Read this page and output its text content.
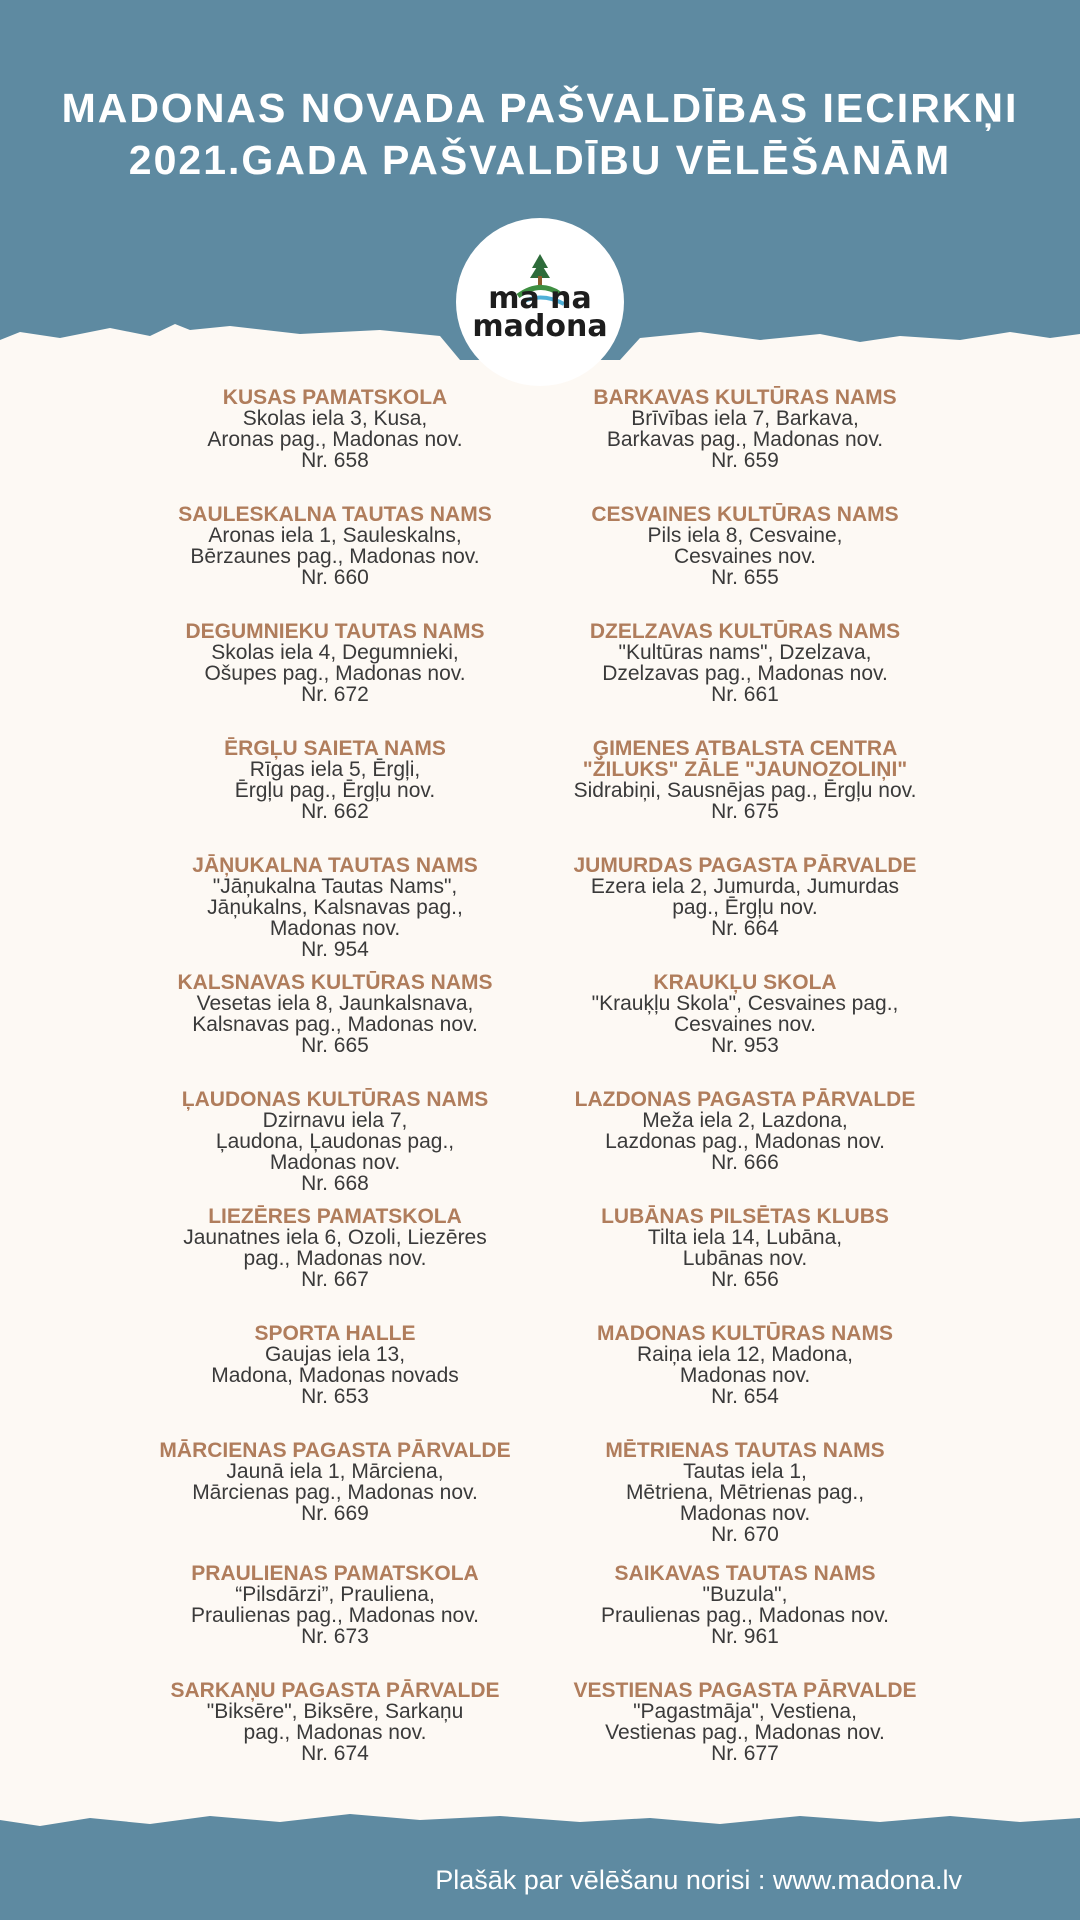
MADONAS NOVADA PAŠVALDĪBAS IECIRKŅI
2021.GADA PAŠVALDĪBU VĒLĒŠANĀM
ma na
madona
KUSAS PAMATSKOLA
Skolas iela 3, Kusa,
Aronas pag., Madonas nov.
Nr. 658
BARKAVAS KULTŪRAS NAMS
Brīvības iela 7, Barkava,
Barkavas pag., Madonas nov.
Nr. 659
SAULESKALNA TAUTAS NAMS
Aronas iela 1, Sauleskalns,
Bērzaunes pag., Madonas nov.
Nr. 660
CESVAINES KULTŪRAS NAMS
Pils iela 8, Cesvaine,
Cesvaines nov.
Nr. 655
DEGUMNIEKU TAUTAS NAMS
Skolas iela 4, Degumnieki,
Ošupes pag., Madonas nov.
Nr. 672
DZELZAVAS KULTŪRAS NAMS
"Kultūras nams", Dzelzava,
Dzelzavas pag., Madonas nov.
Nr. 661
ĒRGĻU SAIETA NAMS
Rīgas iela 5, Ērgļi,
Ērgļu pag., Ērgļu nov.
Nr. 662
ĢIMENES ATBALSTA CENTRA "ŽILUKS" ZĀLE "JAUNOZOLIŅI"
Sidrabiņi, Sausnējas pag., Ērgļu nov.
Nr. 675
JĀŅUKALNA TAUTAS NAMS
"Jāņukalna Tautas Nams",
Jāņukalns, Kalsnavas pag.,
Madonas nov.
Nr. 954
JUMURDAS PAGASTA PĀRVALDE
Ezera iela 2, Jumurda, Jumurdas
pag., Ērgļu nov.
Nr. 664
KALSNAVAS KULTŪRAS NAMS
Vesetas iela 8, Jaunkalsnava,
Kalsnavas pag., Madonas nov.
Nr. 665
KRAUKĻU SKOLA
"Krauķļu Skola", Cesvaines pag.,
Cesvaines nov.
Nr. 953
ĻAUDONAS KULTŪRAS NAMS
Dzirnavu iela 7,
Ļaudona, Ļaudonas pag.,
Madonas nov.
Nr. 668
LAZDONAS PAGASTA PĀRVALDE
Meža iela 2, Lazdona,
Lazdonas pag., Madonas nov.
Nr. 666
LIEZĒRES PAMATSKOLA
Jaunatnes iela 6, Ozoli, Liezēres
pag., Madonas nov.
Nr. 667
LUBĀNAS PILSĒTAS KLUBS
Tilta iela 14, Lubāna,
Lubānas nov.
Nr. 656
SPORTA HALLE
Gaujas iela 13,
Madona, Madonas novads
Nr. 653
MADONAS KULTŪRAS NAMS
Raiņa iela 12, Madona,
Madonas nov.
Nr. 654
MĀRCIENAS PAGASTA PĀRVALDE
Jaunā iela 1, Mārciena,
Mārcienas pag., Madonas nov.
Nr. 669
MĒTRIENAS TAUTAS NAMS
Tautas iela 1,
Mētriena, Mētrienas pag.,
Madonas nov.
Nr. 670
PRAULIENAS PAMATSKOLA
“Pilsdārzi”, Prauliena,
Praulienas pag., Madonas nov.
Nr. 673
SAIKAVAS TAUTAS NAMS
"Buzula",
Praulienas pag., Madonas nov.
Nr. 961
SARKAŅU PAGASTA PĀRVALDE
"Biksēre", Biksēre, Sarkaņu
pag., Madonas nov.
Nr. 674
VESTIENAS PAGASTA PĀRVALDE
"Pagastmāja", Vestiena,
Vestienas pag., Madonas nov.
Nr. 677
Plašāk par vēlēšanu norisi : www.madona.lv
